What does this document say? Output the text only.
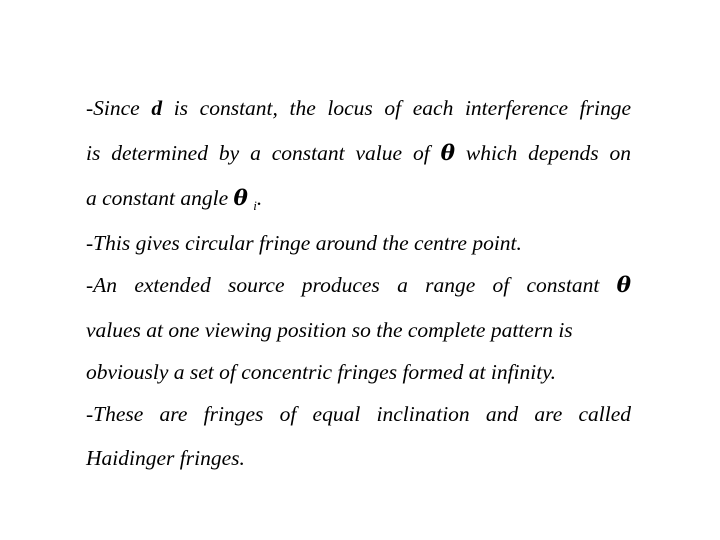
-Since d is constant, the locus of each interference fringe
is determined by a constant value of θ which depends on
a constant angle θ $_i$.
-This gives circular fringe around the centre point.
-An extended source produces a range of constant θ
values at one viewing position so the complete pattern is
obviously a set of concentric fringes formed at infinity.
-These are fringes of equal inclination and are called
Haidinger fringes.
